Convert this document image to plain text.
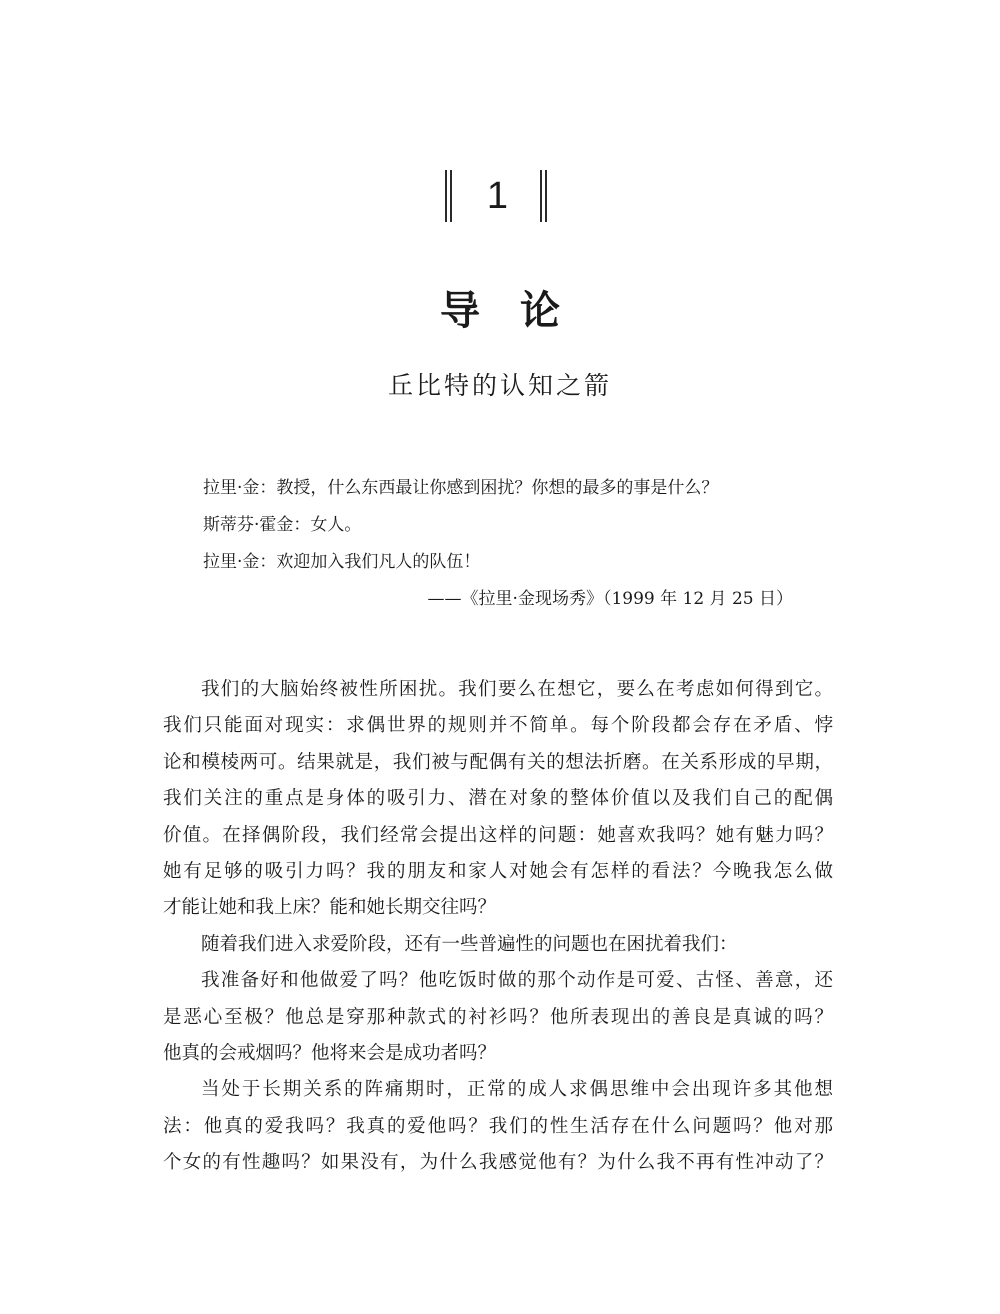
1
导论
丘比特的认知之箭
拉里·金：教授，什么东西最让你感到困扰？你想的最多的事是什么？
斯蒂芬·霍金：女人。
拉里·金：欢迎加入我们凡人的队伍！
——《拉里·金现场秀》（1999 年 12 月 25 日）
我们的大脑始终被性所困扰。我们要么在想它，要么在考虑如何得到它。
我们只能面对现实：求偶世界的规则并不简单。每个阶段都会存在矛盾、悖
论和模棱两可。结果就是，我们被与配偶有关的想法折磨。在关系形成的早期，
我们关注的重点是身体的吸引力、潜在对象的整体价值以及我们自己的配偶
价值。在择偶阶段，我们经常会提出这样的问题：她喜欢我吗？她有魅力吗？
她有足够的吸引力吗？我的朋友和家人对她会有怎样的看法？今晚我怎么做
才能让她和我上床？能和她长期交往吗？
随着我们进入求爱阶段，还有一些普遍性的问题也在困扰着我们：
我准备好和他做爱了吗？他吃饭时做的那个动作是可爱、古怪、善意，还
是恶心至极？他总是穿那种款式的衬衫吗？他所表现出的善良是真诚的吗？
他真的会戒烟吗？他将来会是成功者吗？
当处于长期关系的阵痛期时，正常的成人求偶思维中会出现许多其他想
法：他真的爱我吗？我真的爱他吗？我们的性生活存在什么问题吗？他对那
个女的有性趣吗？如果没有，为什么我感觉他有？为什么我不再有性冲动了？
